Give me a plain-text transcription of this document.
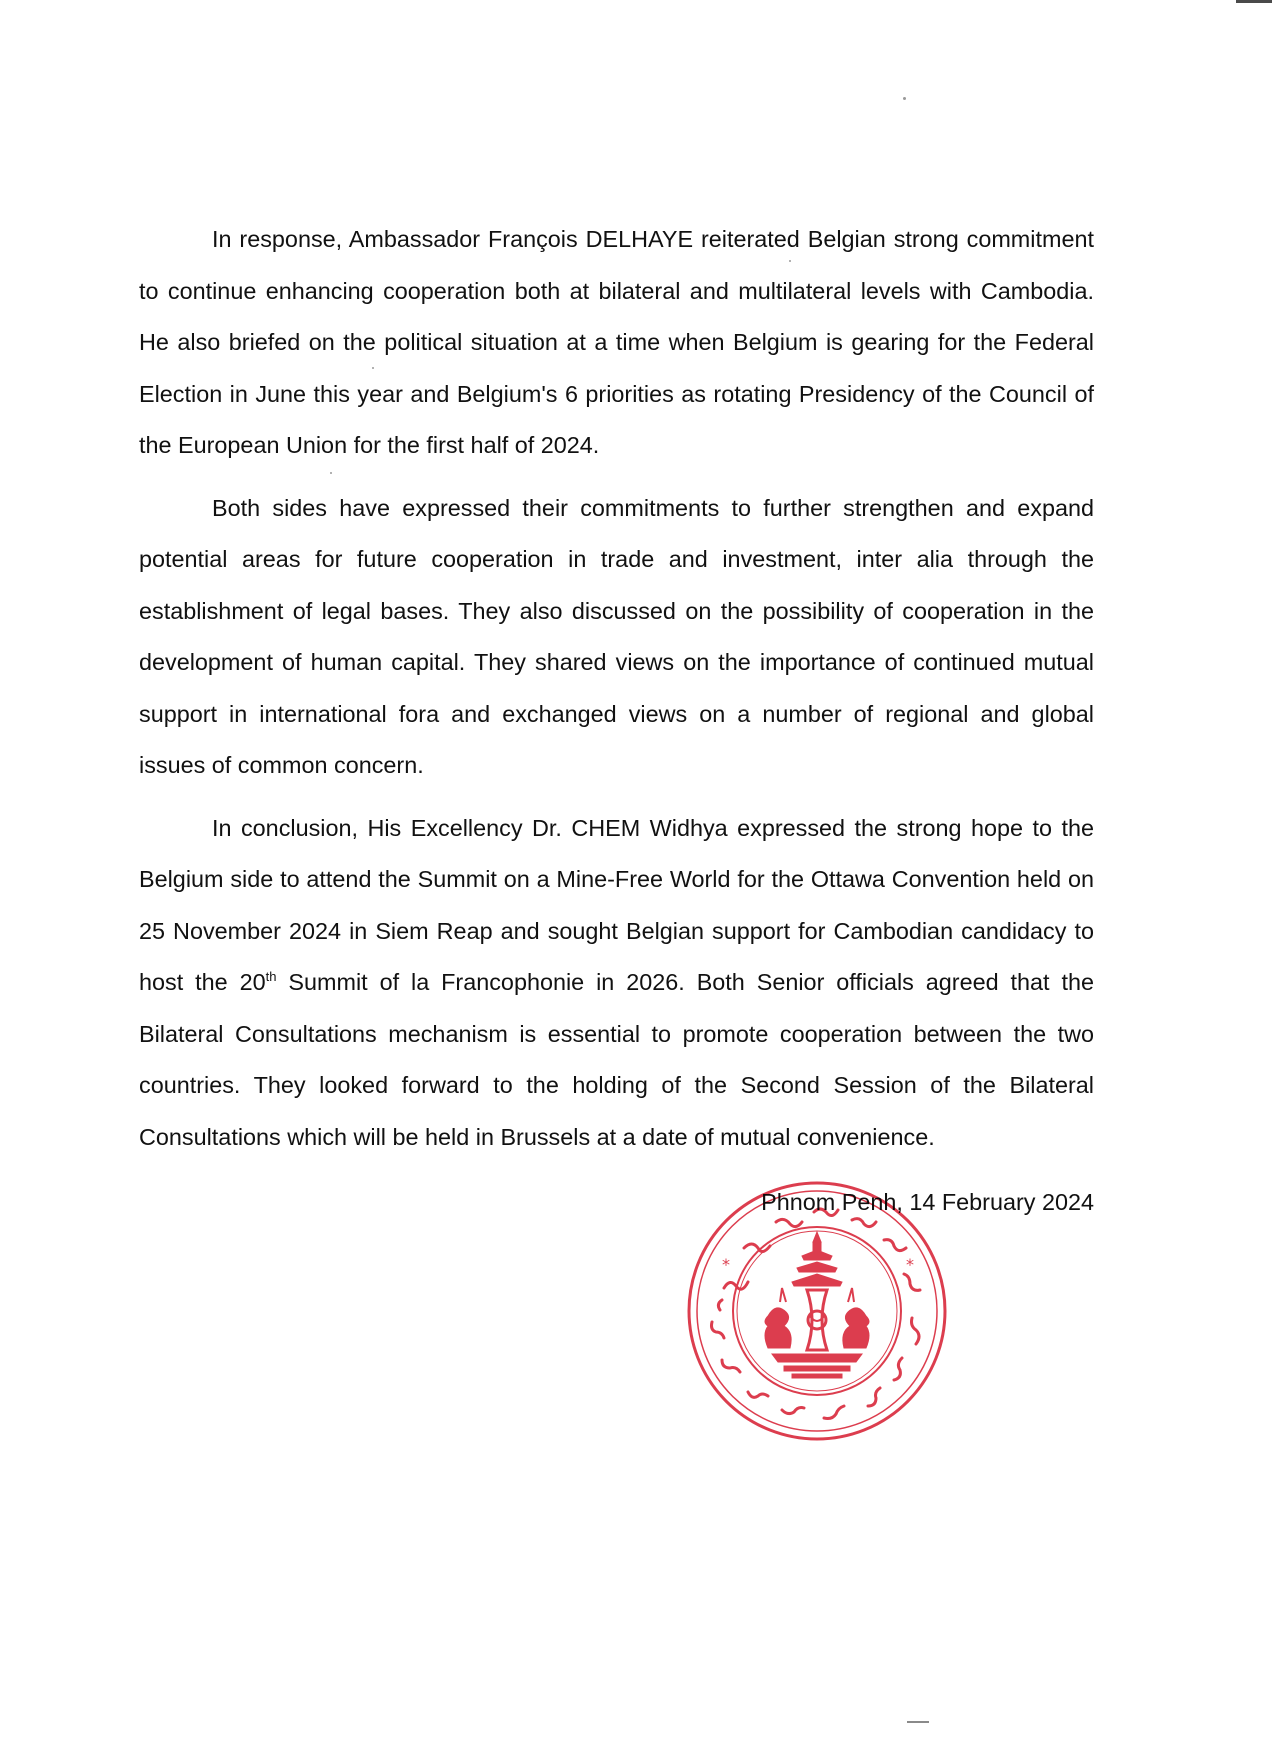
In response, Ambassador François DELHAYE reiterated Belgian strong commitment to continue enhancing cooperation both at bilateral and multilateral levels with Cambodia. He also briefed on the political situation at a time when Belgium is gearing for the Federal Election in June this year and Belgium's 6 priorities as rotating Presidency of the Council of the European Union for the first half of 2024.

Both sides have expressed their commitments to further strengthen and expand potential areas for future cooperation in trade and investment, inter alia through the establishment of legal bases. They also discussed on the possibility of cooperation in the development of human capital. They shared views on the importance of continued mutual support in international fora and exchanged views on a number of regional and global issues of common concern.

In conclusion, His Excellency Dr. CHEM Widhya expressed the strong hope to the Belgium side to attend the Summit on a Mine-Free World for the Ottawa Convention held on 25 November 2024 in Siem Reap and sought Belgian support for Cambodian candidacy to host the 20th Summit of la Francophonie in 2026. Both Senior officials agreed that the Bilateral Consultations mechanism is essential to promote cooperation between the two countries. They looked forward to the holding of the Second Session of the Bilateral Consultations which will be held in Brussels at a date of mutual convenience.

Phnom Penh, 14 February 2024
*	*
